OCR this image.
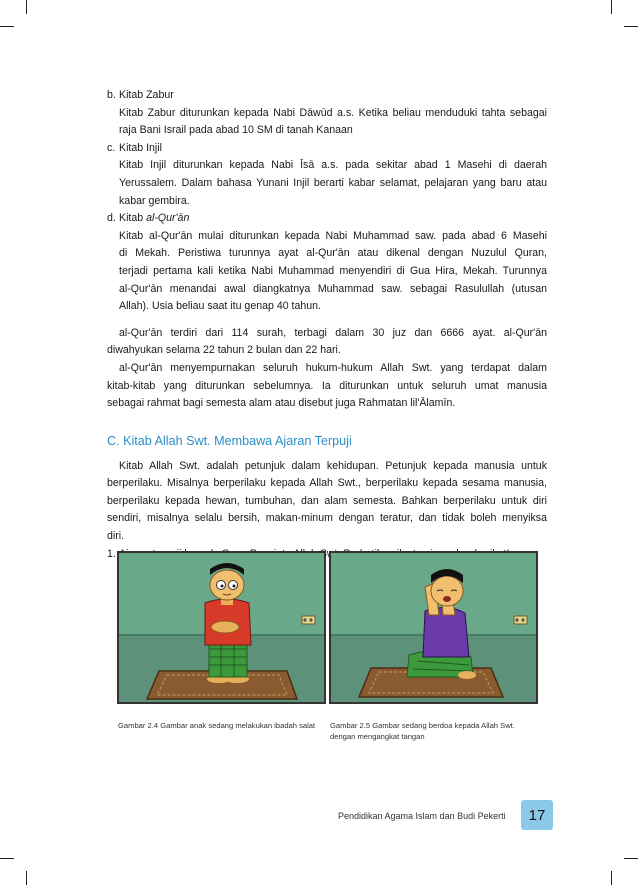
b. Kitab Zabur
Kitab Zabur diturunkan kepada Nabi Dāwūd a.s. Ketika beliau menduduki tahta sebagai
raja Bani Israil pada abad 10 SM di tanah Kanaan
c. Kitab Injil
Kitab Injil diturunkan kepada Nabi Īsā a.s. pada sekitar abad 1 Masehi di daerah
Yerussalem. Dalam bahasa Yunani Injil berarti kabar selamat, pelajaran yang baru atau
kabar gembira.
d. Kitab al-Qur'ān
Kitab al-Qur'ān mulai diturunkan kepada Nabi Muhammad saw. pada abad 6 Masehi
di Mekah. Peristiwa turunnya ayat al-Qur'ān atau dikenal dengan Nuzulul Quran,
terjadi pertama kali ketika Nabi Muhammad menyendiri di Gua Hira, Mekah. Turunnya
al-Qur'ān menandai awal diangkatnya Muhammad saw. sebagai Rasulullah (utusan
Allah). Usia beliau saat itu genap 40 tahun.
al-Qur'ān terdiri dari 114 surah, terbagi dalam 30 juz dan 6666 ayat. al-Qur'ān
diwahyukan selama 22 tahun 2 bulan dan 22 hari.
al-Qur'ān menyempurnakan seluruh hukum-hukum Allah Swt. yang terdapat dalam
kitab-kitab yang diturunkan sebelumnya. Ia diturunkan untuk seluruh umat manusia
sebagai rahmat bagi semesta alam atau disebut juga Rahmatan lil'Ālamīn.
C. Kitab Allah Swt. Membawa Ajaran Terpuji
Kitab Allah Swt. adalah petunjuk dalam kehidupan. Petunjuk kepada manusia untuk
berperilaku. Misalnya berperilaku kepada Allah Swt., berperilaku kepada sesama manusia,
berperilaku kepada hewan, tumbuhan, dan alam semesta. Bahkan berperilaku untuk diri
sendiri, misalnya selalu bersih, makan-minum dengan teratur, dan tidak boleh menyiksa
diri.
1.	Swt.
Gambar 2.4 Gambar anak sedang melakukan ibadah salat	Gambar 2.5 Gambar sedang berdoa kepada Allah Swt. dengan mengangkat tangan
Pendidikan Agama Islam dan Budi Pekerti	17
